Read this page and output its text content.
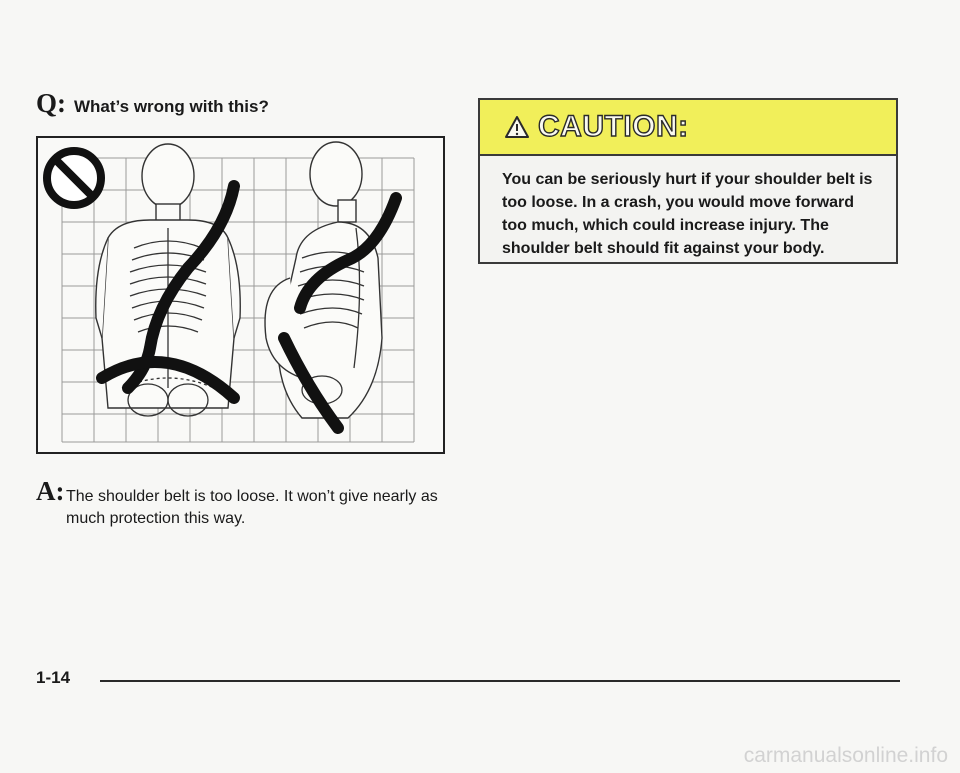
Q: What’s wrong with this?
A: The shoulder belt is too loose. It won’t give nearly as much protection this way.
CAUTION:
You can be seriously hurt if your shoulder belt is too loose. In a crash, you would move forward too much, which could increase injury. The shoulder belt should fit against your body.
1-14
carmanualsonline.info
